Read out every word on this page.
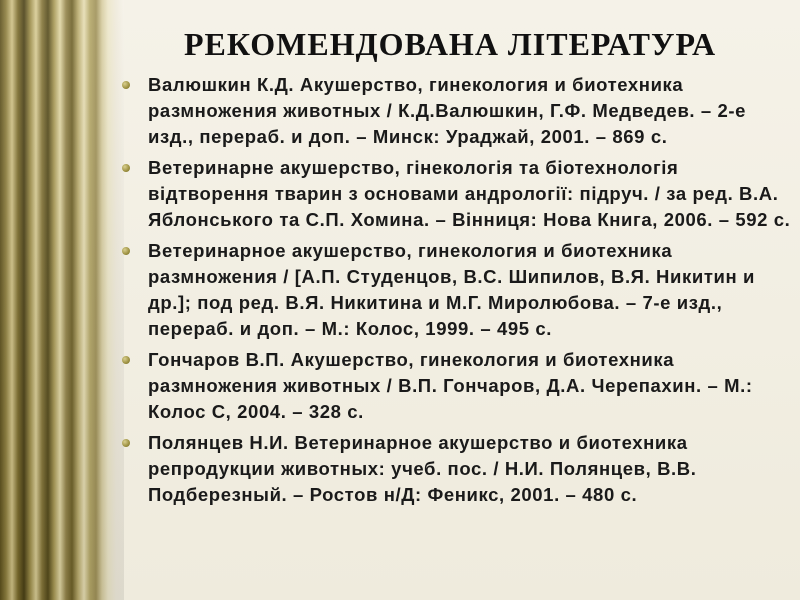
РЕКОМЕНДОВАНА ЛІТЕРАТУРА
Валюшкин К.Д. Акушерство, гинекология и биотехника размножения животных / К.Д.Валюшкин, Г.Ф. Медведев. – 2-е изд., перераб. и доп. – Минск: Ураджай, 2001. – 869 с.
Ветеринарне акушерство, гінекологія та біотехнологія відтворення тварин з основами андрології: підруч. / за ред. В.А. Яблонського та С.П. Хомина. – Вінниця: Нова Книга, 2006. – 592 с.
Ветеринарное акушерство, гинекология и биотехника размножения / [А.П. Студенцов, В.С. Шипилов, В.Я. Никитин и др.]; под ред. В.Я. Никитина и М.Г. Миролюбова. – 7-е изд., перераб. и доп. – М.: Колос, 1999. – 495 с.
Гончаров В.П. Акушерство, гинекология и биотехника размножения животных / В.П. Гончаров, Д.А. Черепахин. – М.: Колос С, 2004. – 328 с.
Полянцев Н.И. Ветеринарное акушерство и биотехника репродукции животных: учеб. пос. / Н.И. Полянцев, В.В. Подберезный. – Ростов н/Д: Феникс, 2001. – 480 с.
